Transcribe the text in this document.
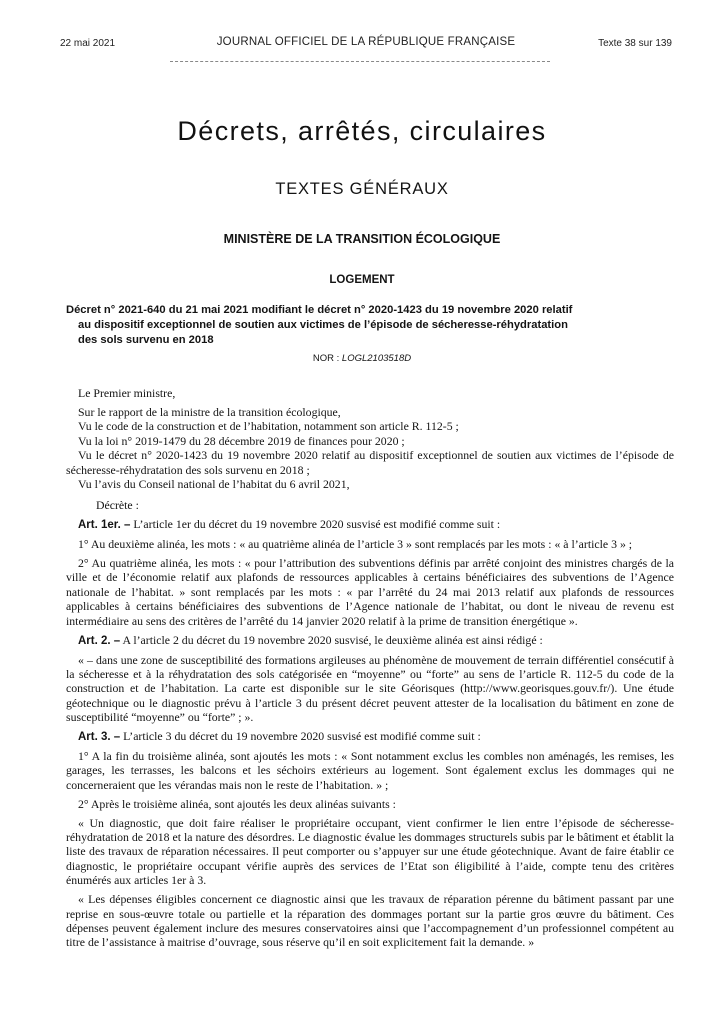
22 mai 2021	JOURNAL OFFICIEL DE LA RÉPUBLIQUE FRANÇAISE	Texte 38 sur 139
Décrets, arrêtés, circulaires
TEXTES GÉNÉRAUX
MINISTÈRE DE LA TRANSITION ÉCOLOGIQUE
LOGEMENT
Décret n° 2021-640 du 21 mai 2021 modifiant le décret n° 2020-1423 du 19 novembre 2020 relatif
au dispositif exceptionnel de soutien aux victimes de l’épisode de sécheresse-réhydratation
des sols survenu en 2018
NOR : LOGL2103518D

Le Premier ministre,

Sur le rapport de la ministre de la transition écologique,

Vu le code de la construction et de l’habitation, notamment son article R. 112-5 ;

Vu la loi n° 2019-1479 du 28 décembre 2019 de finances pour 2020 ;

Vu le décret n° 2020-1423 du 19 novembre 2020 relatif au dispositif exceptionnel de soutien aux victimes de l’épisode de sécheresse-réhydratation des sols survenu en 2018 ;

Vu l’avis du Conseil national de l’habitat du 6 avril 2021,

Décrète :

Art. 1er. – L’article 1er du décret du 19 novembre 2020 susvisé est modifié comme suit :

1° Au deuxième alinéa, les mots : « au quatrième alinéa de l’article 3 » sont remplacés par les mots : « à l’article 3 » ;

2° Au quatrième alinéa, les mots : « pour l’attribution des subventions définis par arrêté conjoint des ministres chargés de la ville et de l’économie relatif aux plafonds de ressources applicables à certains bénéficiaires des subventions de l’Agence nationale de l’habitat. » sont remplacés par les mots : « par l’arrêté du 24 mai 2013 relatif aux plafonds de ressources applicables à certains bénéficiaires des subventions de l’Agence nationale de l’habitat, ou dont le niveau de revenu est intermédiaire au sens des critères de l’arrêté du 14 janvier 2020 relatif à la prime de transition énergétique ».

Art. 2. – A l’article 2 du décret du 19 novembre 2020 susvisé, le deuxième alinéa est ainsi rédigé :

« – dans une zone de susceptibilité des formations argileuses au phénomène de mouvement de terrain différentiel consécutif à la sécheresse et à la réhydratation des sols catégorisée en “moyenne” ou “forte” au sens de l’article R. 112-5 du code de la construction et de l’habitation. La carte est disponible sur le site Géorisques (http://www.georisques.gouv.fr/). Une étude géotechnique ou le diagnostic prévu à l’article 3 du présent décret peuvent attester de la localisation du bâtiment en zone de susceptibilité “moyenne” ou “forte” ; ».

Art. 3. – L’article 3 du décret du 19 novembre 2020 susvisé est modifié comme suit :

1° A la fin du troisième alinéa, sont ajoutés les mots : « Sont notamment exclus les combles non aménagés, les remises, les garages, les terrasses, les balcons et les séchoirs extérieurs au logement. Sont également exclus les dommages qui ne concerneraient que les vérandas mais non le reste de l’habitation. » ;

2° Après le troisième alinéa, sont ajoutés les deux alinéas suivants :

« Un diagnostic, que doit faire réaliser le propriétaire occupant, vient confirmer le lien entre l’épisode de sécheresse-réhydratation de 2018 et la nature des désordres. Le diagnostic évalue les dommages structurels subis par le bâtiment et établit la liste des travaux de réparation nécessaires. Il peut comporter ou s’appuyer sur une étude géotechnique. Avant de faire établir ce diagnostic, le propriétaire occupant vérifie auprès des services de l’Etat son éligibilité à l’aide, compte tenu des critères énumérés aux articles 1er à 3.

« Les dépenses éligibles concernent ce diagnostic ainsi que les travaux de réparation pérenne du bâtiment passant par une reprise en sous-œuvre totale ou partielle et la réparation des dommages portant sur la partie gros œuvre du bâtiment. Ces dépenses peuvent également inclure des mesures conservatoires ainsi que l’accompagnement d’un professionnel compétent au titre de l’assistance à maitrise d’ouvrage, sous réserve qu’il en soit explicitement fait la demande. »
